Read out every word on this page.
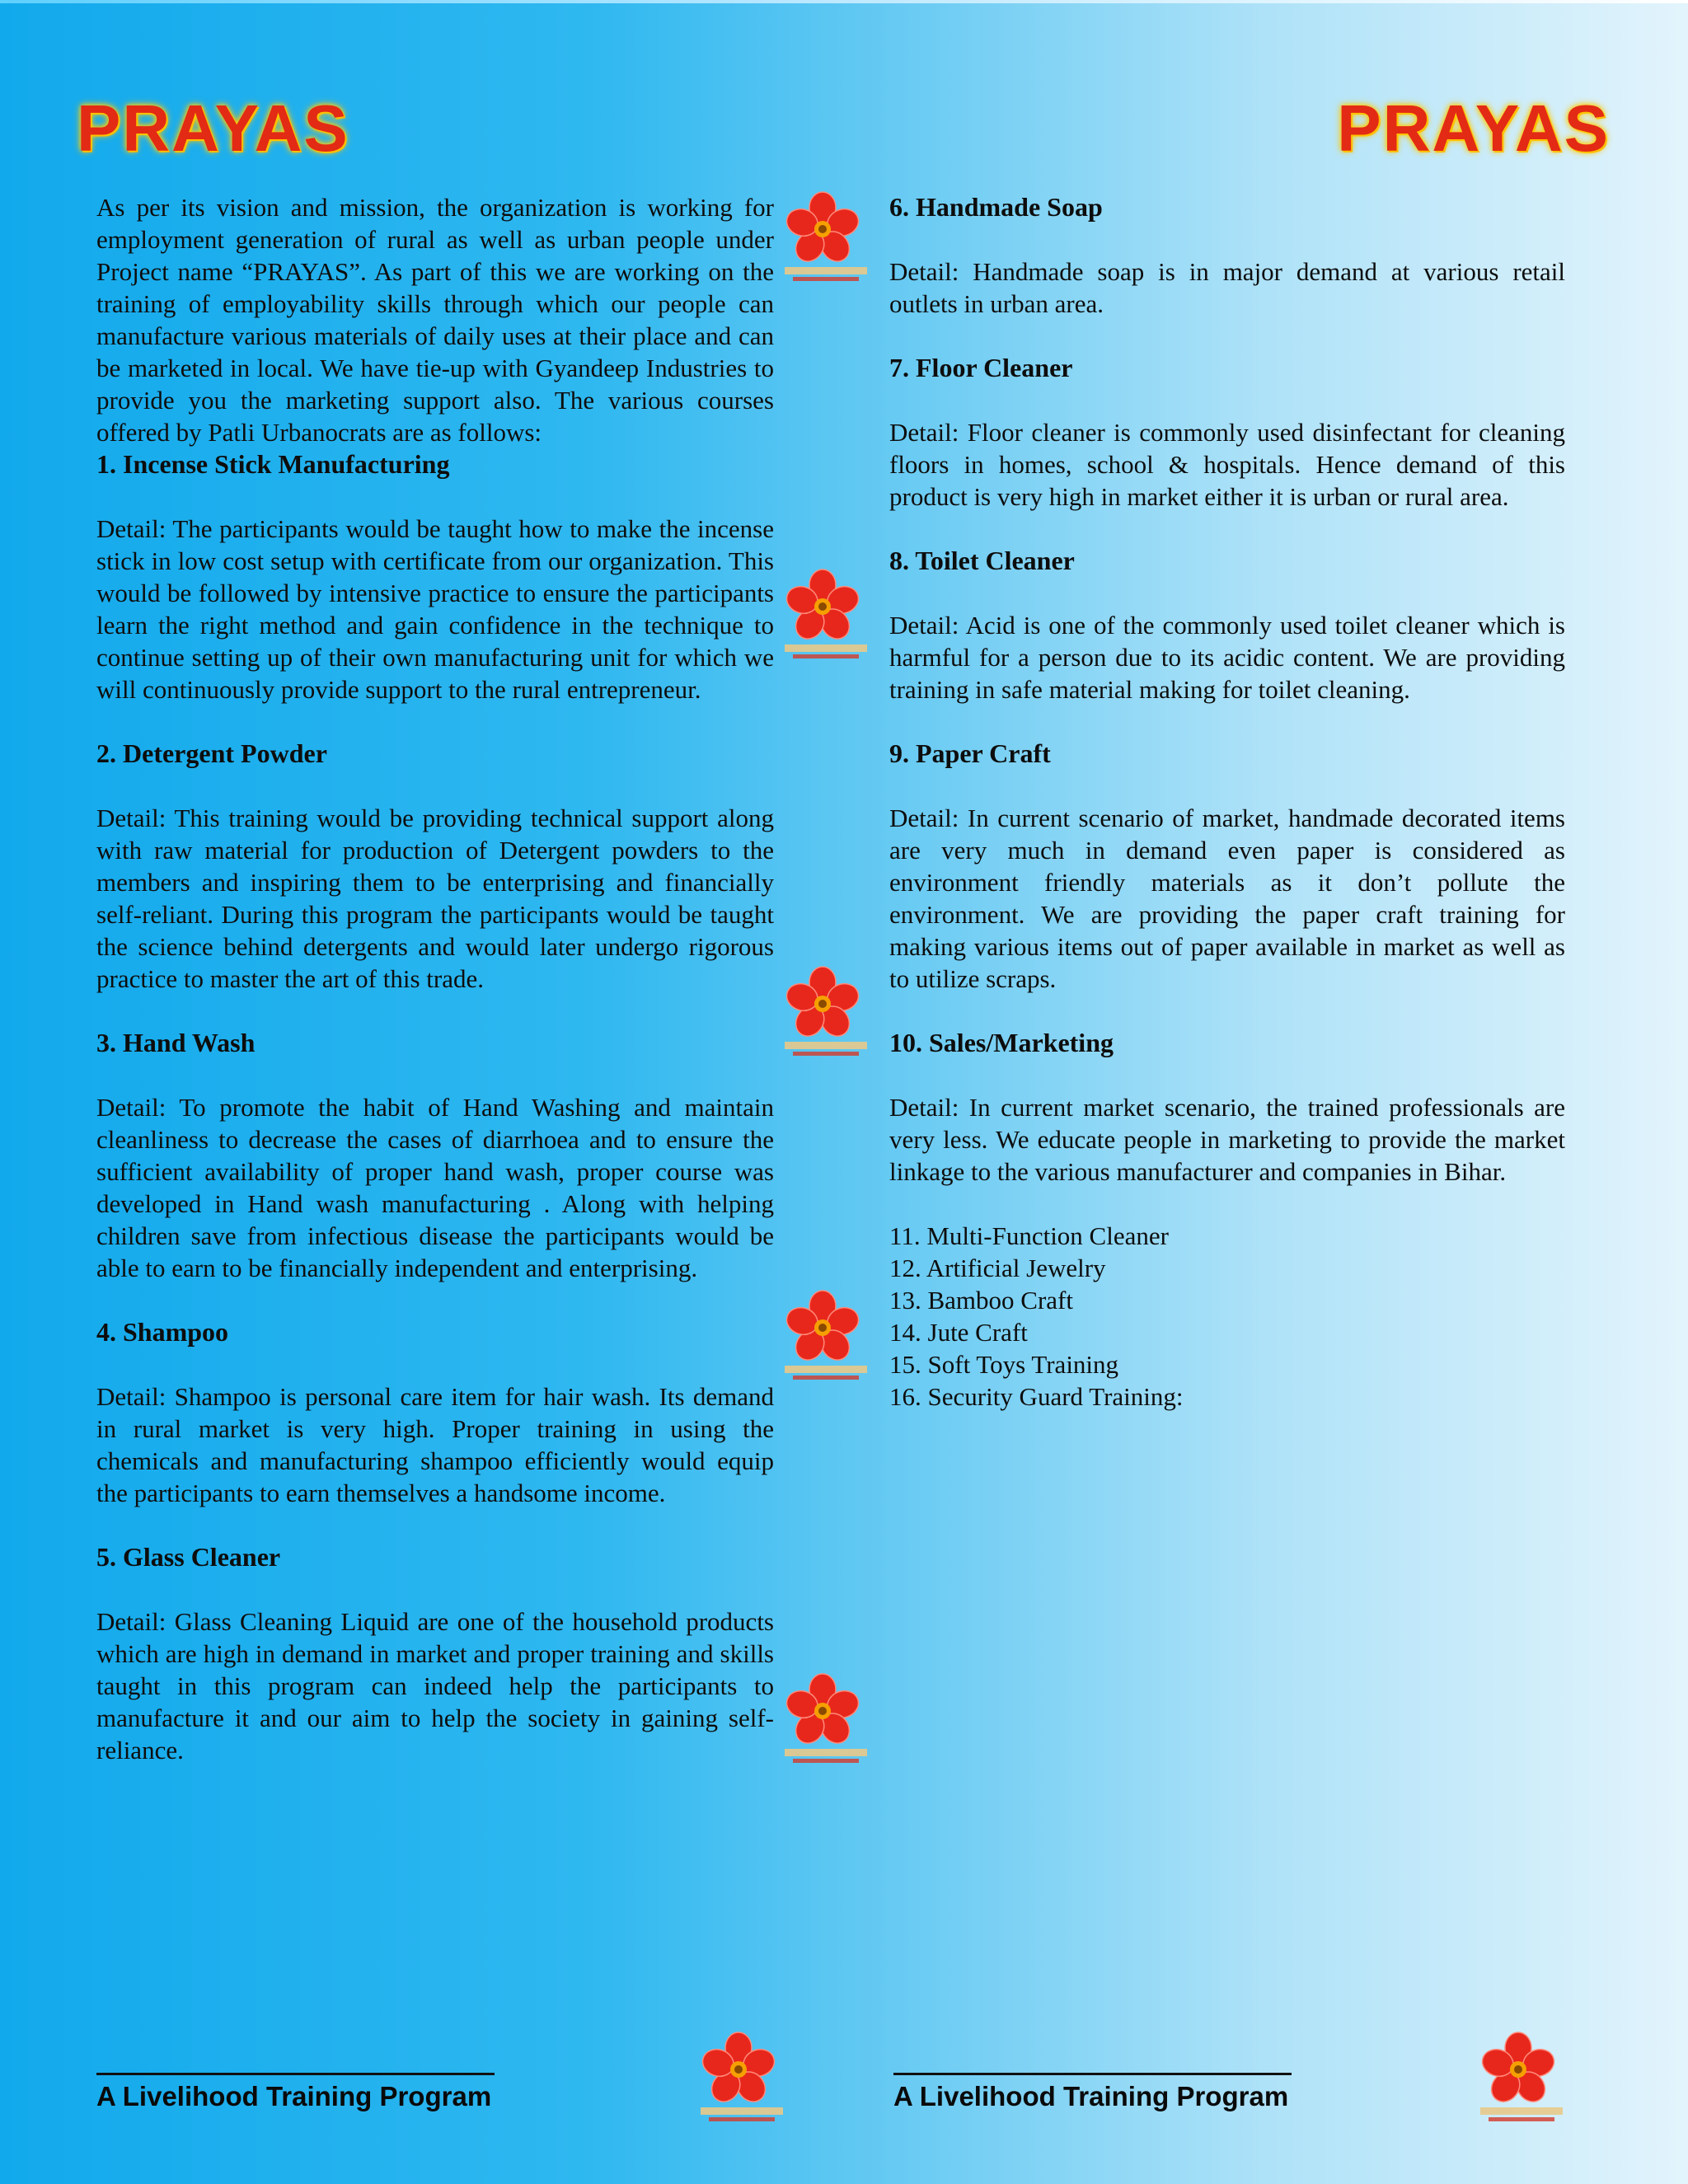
PRAYAS	PRAYAS

As per its vision and mission, the organization is working for employment generation of rural as well as urban people under Project name “PRAYAS”. As part of this we are working on the training of employability skills through which our people can manufacture various materials of daily uses at their place and can be marketed in local. We have tie-up with Gyandeep Industries to provide you the marketing support also. The various courses offered by Patli Urbanocrats are as follows:

1. Incense Stick Manufacturing

Detail: The participants would be taught how to make the incense stick in low cost setup with certificate from our organization. This would be followed by intensive practice to ensure the participants learn the right method and gain confidence in the technique to continue setting up of their own manufacturing unit for which we will continuously provide support to the rural entrepreneur.

2. Detergent Powder

Detail: This training would be providing technical support along with raw material for production of Detergent powders to the members and inspiring them to be enterprising and financially self-reliant. During this program the participants would be taught the science behind detergents and would later undergo rigorous practice to master the art of this trade.

3. Hand Wash

Detail: To promote the habit of Hand Washing and maintain cleanliness to decrease the cases of diarrhoea and to ensure the sufficient availability of proper hand wash, proper course was developed in Hand wash manufacturing . Along with helping children save from infectious disease the participants would be able to earn to be financially independent and enterprising.

4. Shampoo

Detail: Shampoo is personal care item for hair wash. Its demand in rural market is very high. Proper training in using the chemicals and manufacturing shampoo efficiently would equip the participants to earn themselves a handsome income.

5. Glass Cleaner

Detail: Glass Cleaning Liquid are one of the household products which are high in demand in market and proper training and skills taught in this program can indeed help the participants to manufacture it and our aim to help the society in gaining self-reliance.

6. Handmade Soap

Detail: Handmade soap is in major demand at various retail outlets in urban area.

7. Floor Cleaner

Detail: Floor cleaner is commonly used disinfectant for cleaning floors in homes, school & hospitals. Hence demand of this product is very high in market either it is urban or rural area.

8. Toilet Cleaner

Detail: Acid is one of the commonly used toilet cleaner which is harmful for a person due to its acidic content. We are providing training in safe material making for toilet cleaning.

9. Paper Craft

Detail: In current scenario of market, handmade decorated items are very much in demand even paper is considered as environment friendly materials as it don’t pollute the environment. We are providing the paper craft training for making various items out of paper available in market as well as to utilize scraps.

10. Sales/Marketing

Detail: In current market scenario, the trained professionals are very less. We educate people in marketing to provide the market linkage to the various manufacturer and companies in Bihar.

11. Multi-Function Cleaner
12. Artificial Jewelry
13. Bamboo Craft
14. Jute Craft
15. Soft Toys Training
16. Security Guard Training:

A Livelihood Training Program	A Livelihood Training Program
